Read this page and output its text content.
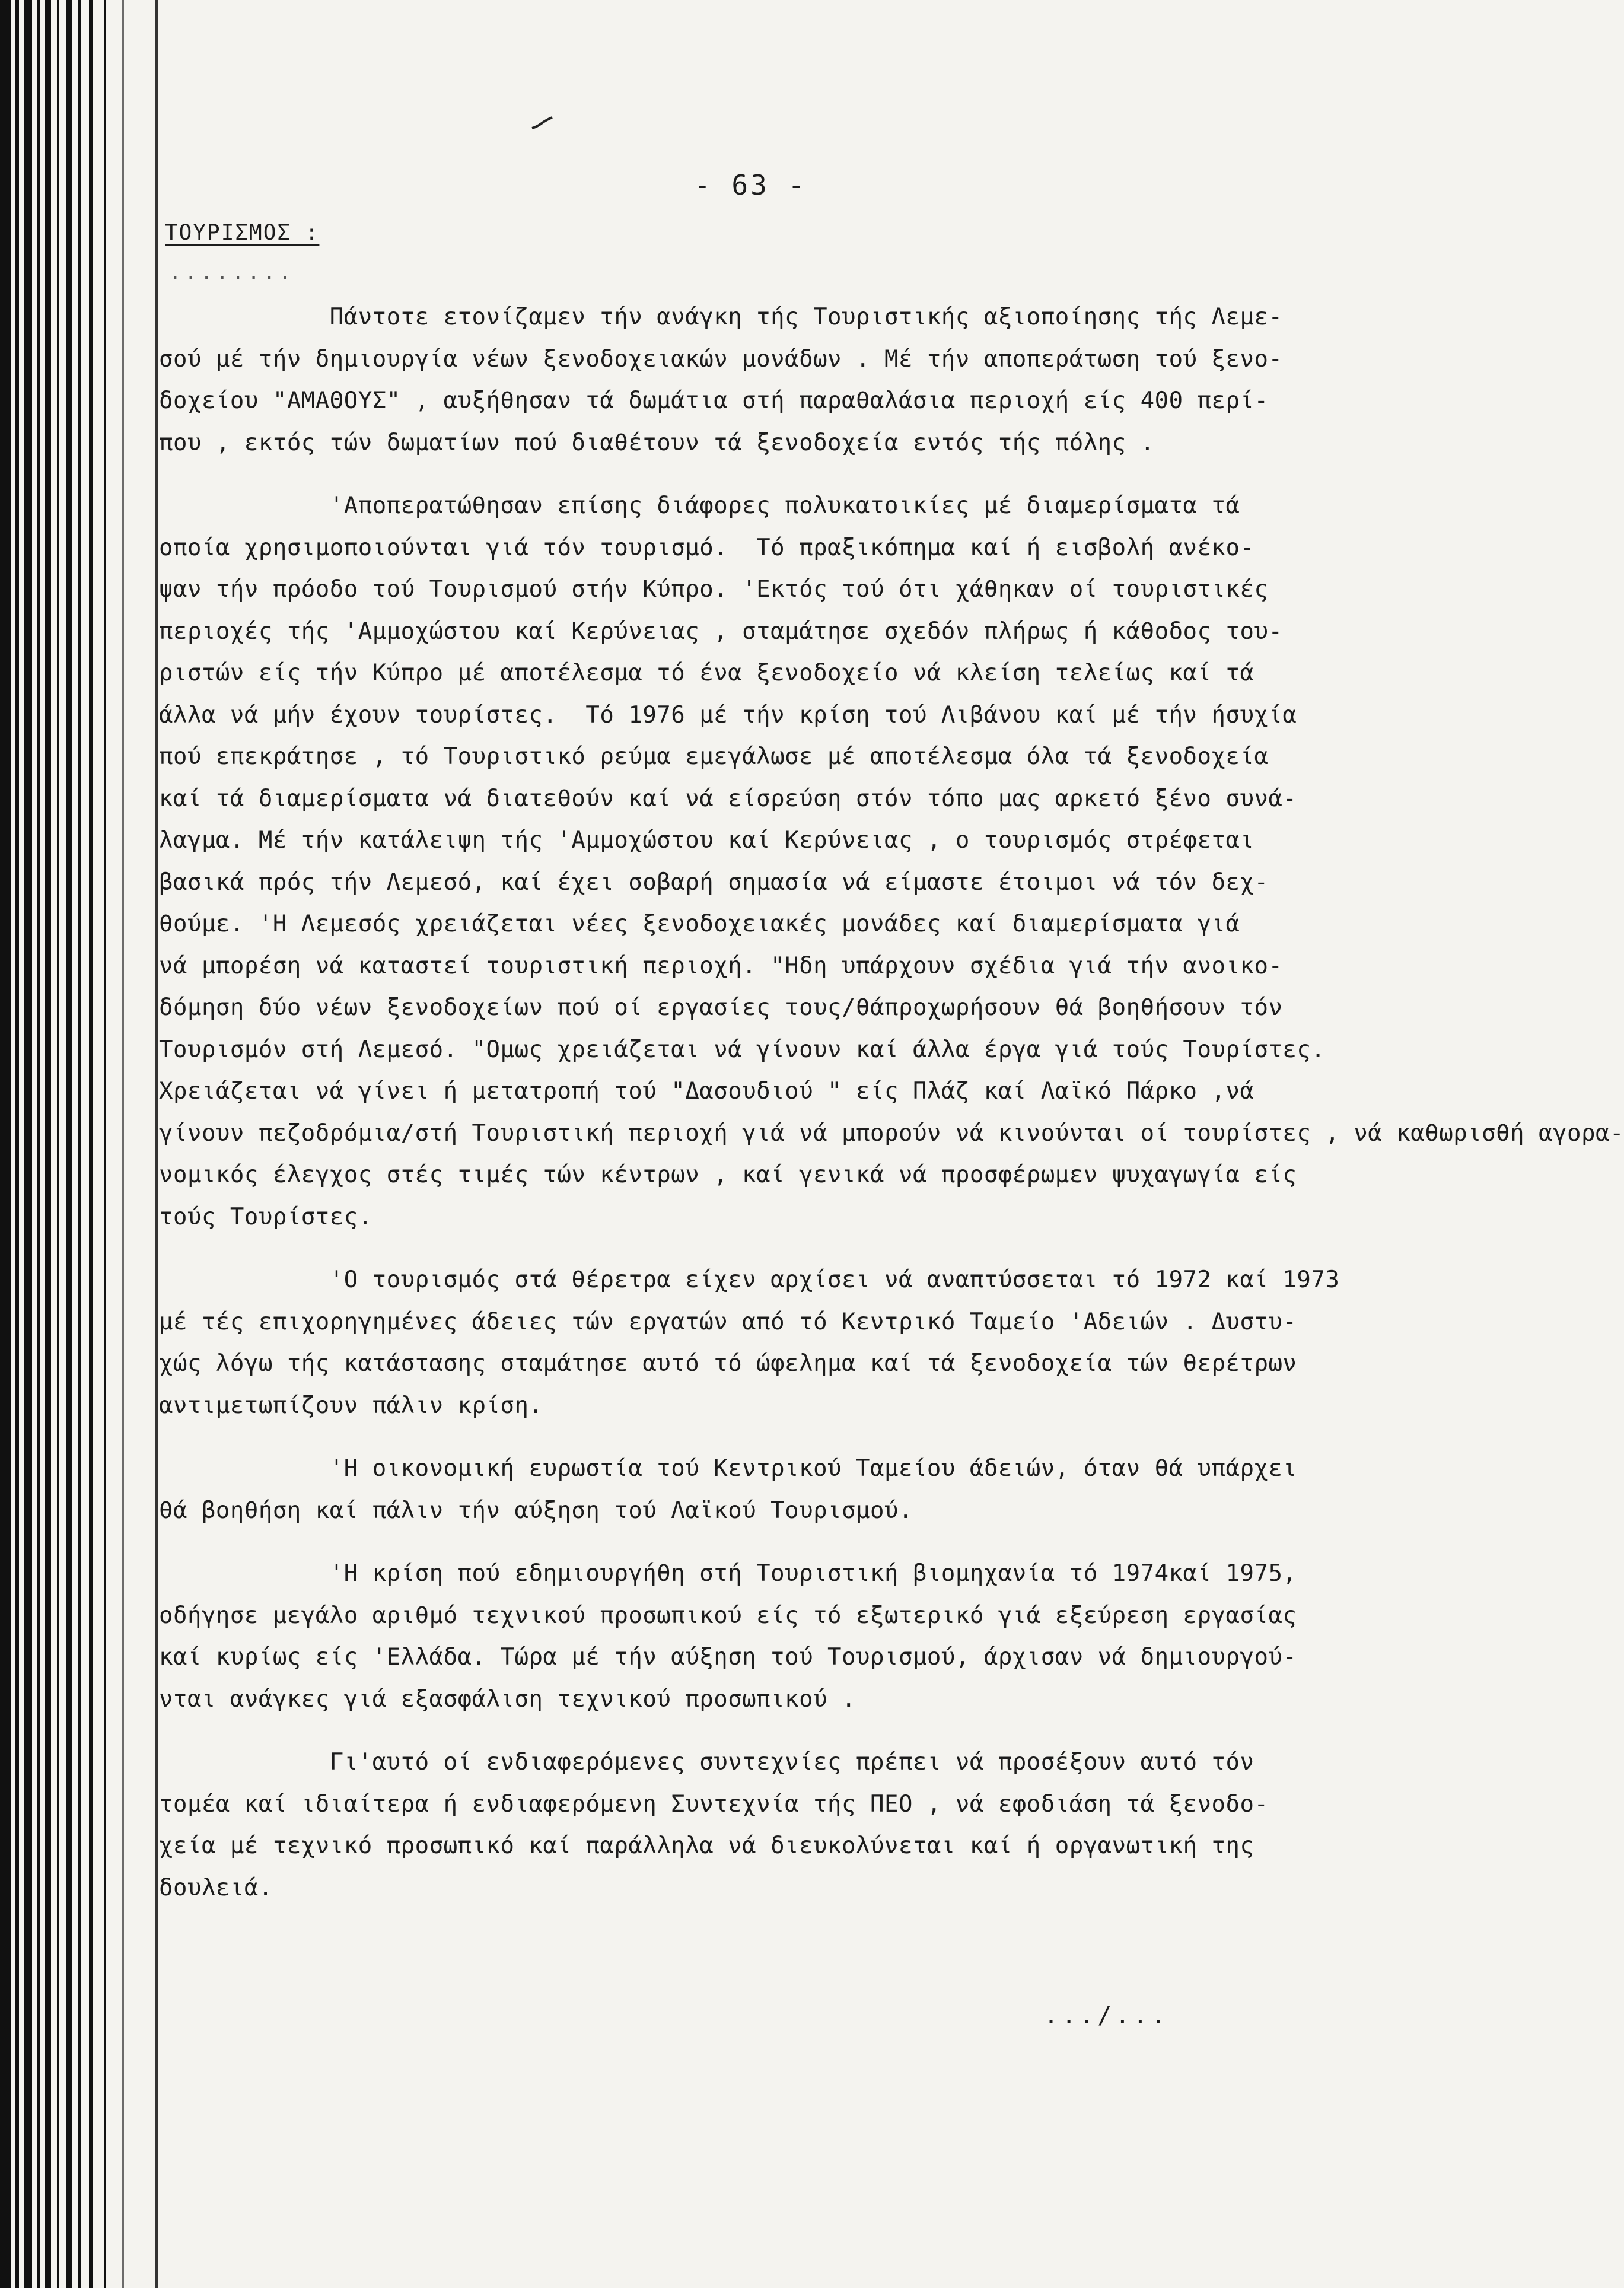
- 63 -
ΤΟΥΡΙΣΜΟΣ :
........
Πάντοτε ετονίζαμεν τήν ανάγκη τής Τουριστικής αξιοποίησης τής Λεμε-
σού μέ τήν δημιουργία νέων ξενοδοχειακών μονάδων . Μέ τήν αποπεράτωση τού ξενο-
δοχείου "ΑΜΑΘΟΥΣ" , αυξήθησαν τά δωμάτια στή παραθαλάσια περιοχή είς 400 περί-
που , εκτός τών δωματίων πού διαθέτουν τά ξενοδοχεία εντός τής πόλης .
'Αποπερατώθησαν επίσης διάφορες πολυκατοικίες μέ διαμερίσματα τά
οποία χρησιμοποιούνται γιά τόν τουρισμό.  Τό πραξικόπημα καί ή εισβολή ανέκο-
ψαν τήν πρόοδο τού Τουρισμού στήν Κύπρο. 'Εκτός τού ότι χάθηκαν οί τουριστικές
περιοχές τής 'Αμμοχώστου καί Κερύνειας , σταμάτησε σχεδόν πλήρως ή κάθοδος του-
ριστών είς τήν Κύπρο μέ αποτέλεσμα τό ένα ξενοδοχείο νά κλείση τελείως καί τά
άλλα νά μήν έχουν τουρίστες.  Τό 1976 μέ τήν κρίση τού Λιβάνου καί μέ τήν ήσυχία
πού επεκράτησε , τό Τουριστικό ρεύμα εμεγάλωσε μέ αποτέλεσμα όλα τά ξενοδοχεία
καί τά διαμερίσματα νά διατεθούν καί νά είσρεύση στόν τόπο μας αρκετό ξένο συνά-
λαγμα. Μέ τήν κατάλειψη τής 'Αμμοχώστου καί Κερύνειας , ο τουρισμός στρέφεται
βασικά πρός τήν Λεμεσό, καί έχει σοβαρή σημασία νά είμαστε έτοιμοι νά τόν δεχ-
θούμε. 'Η Λεμεσός χρειάζεται νέες ξενοδοχειακές μονάδες καί διαμερίσματα γιά
νά μπορέση νά καταστεί τουριστική περιοχή. "Ηδη υπάρχουν σχέδια γιά τήν ανοικο-
δόμηση δύο νέων ξενοδοχείων πού οί εργασίες τους/θάπροχωρήσουν θά βοηθήσουν τόν
Τουρισμόν στή Λεμεσό. "Ομως χρειάζεται νά γίνουν καί άλλα έργα γιά τούς Τουρίστες.
Χρειάζεται νά γίνει ή μετατροπή τού "Δασουδιού " είς Πλάζ καί Λαϊκό Πάρκο ,νά
γίνουν πεζοδρόμια/στή Τουριστική περιοχή γιά νά μπορούν νά κινούνται οί τουρίστες , νά καθωρισθή αγορα-
νομικός έλεγχος στές τιμές τών κέντρων , καί γενικά νά προσφέρωμεν ψυχαγωγία είς
τούς Τουρίστες.
'Ο τουρισμός στά θέρετρα είχεν αρχίσει νά αναπτύσσεται τό 1972 καί 1973
μέ τές επιχορηγημένες άδειες τών εργατών από τό Κεντρικό Ταμείο 'Αδειών . Δυστυ-
χώς λόγω τής κατάστασης σταμάτησε αυτό τό ώφελημα καί τά ξενοδοχεία τών θερέτρων
αντιμετωπίζουν πάλιν κρίση.
'Η οικονομική ευρωστία τού Κεντρικού Ταμείου άδειών, όταν θά υπάρχει
θά βοηθήση καί πάλιν τήν αύξηση τού Λαϊκού Τουρισμού.
'Η κρίση πού εδημιουργήθη στή Τουριστική βιομηχανία τό 1974καί 1975,
οδήγησε μεγάλο αριθμό τεχνικού προσωπικού είς τό εξωτερικό γιά εξεύρεση εργασίας
καί κυρίως είς 'Ελλάδα. Τώρα μέ τήν αύξηση τού Τουρισμού, άρχισαν νά δημιουργού-
νται ανάγκες γιά εξασφάλιση τεχνικού προσωπικού .
Γι'αυτό οί ενδιαφερόμενες συντεχνίες πρέπει νά προσέξουν αυτό τόν
τομέα καί ιδιαίτερα ή ενδιαφερόμενη Συντεχνία τής ΠΕΟ , νά εφοδιάση τά ξενοδο-
χεία μέ τεχνικό προσωπικό καί παράλληλα νά διευκολύνεται καί ή οργανωτική της
δουλειά.
.../...
